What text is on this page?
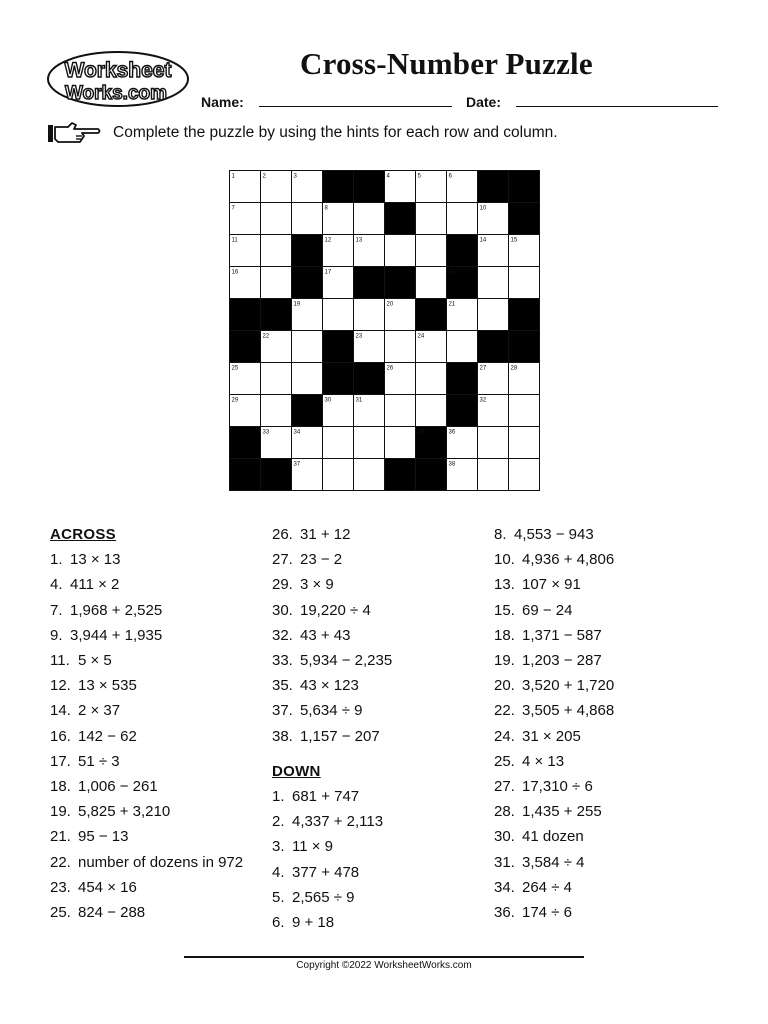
Worksheet
Works.com
Cross-Number Puzzle
Name:	Date:
Complete the puzzle by using the hints for each row and column.
1	2	3	4	5	6
7	8	9	10
11	12	13	14	15
16	17	18
19	20	21
22	23	24
25	26	27	28
29	30	31	32
33	34	35	36
37	38
ACROSS
1. 13 × 13
4. 411 × 2
7. 1,968 + 2,525
9. 3,944 + 1,935
11. 5 × 5
12. 13 × 535
14. 2 × 37
16. 142 − 62
17. 51 ÷ 3
18. 1,006 − 261
19. 5,825 + 3,210
21. 95 − 13
22. number of dozens in 972
23. 454 × 16
25. 824 − 288
26. 31 + 12
27. 23 − 2
29. 3 × 9
30. 19,220 ÷ 4
32. 43 + 43
33. 5,934 − 2,235
35. 43 × 123
37. 5,634 ÷ 9
38. 1,157 − 207
DOWN
1. 681 + 747
2. 4,337 + 2,113
3. 11 × 9
4. 377 + 478
5. 2,565 ÷ 9
6. 9 + 18
8. 4,553 − 943
10. 4,936 + 4,806
13. 107 × 91
15. 69 − 24
18. 1,371 − 587
19. 1,203 − 287
20. 3,520 + 1,720
22. 3,505 + 4,868
24. 31 × 205
25. 4 × 13
27. 17,310 ÷ 6
28. 1,435 + 255
30. 41 dozen
31. 3,584 ÷ 4
34. 264 ÷ 4
36. 174 ÷ 6
Copyright ©2022 WorksheetWorks.com
